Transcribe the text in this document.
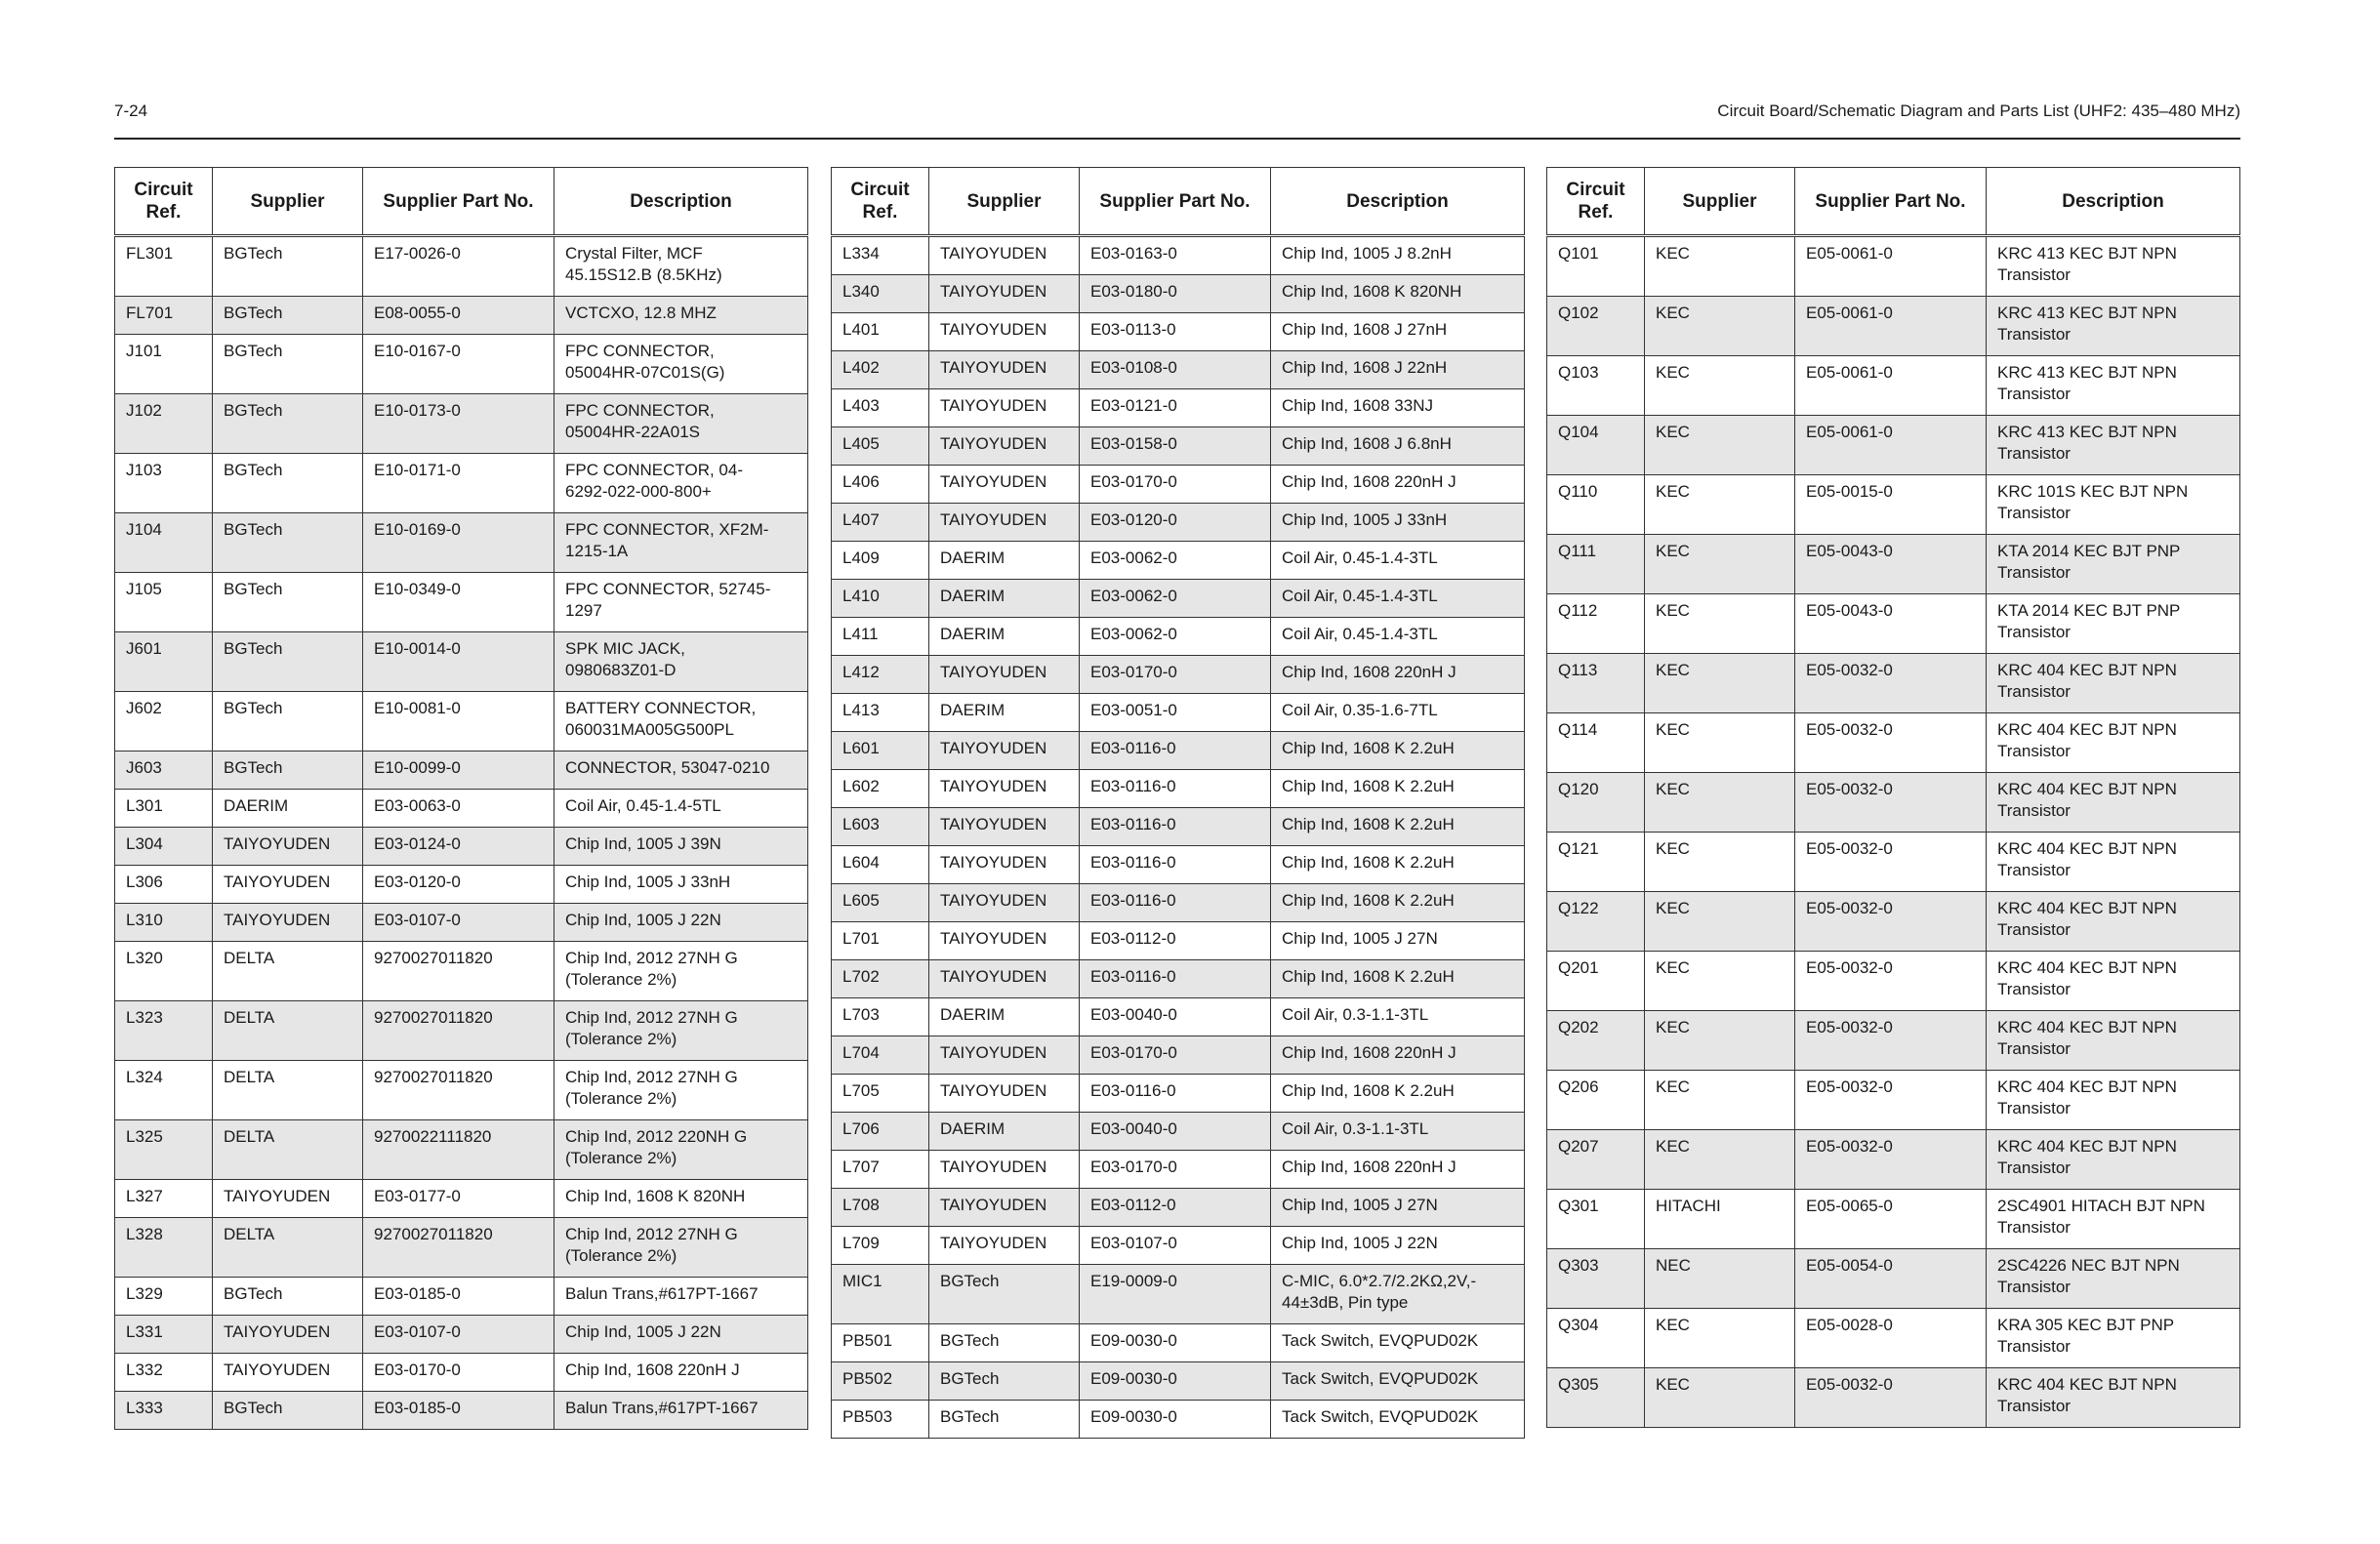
7-24	Circuit Board/Schematic Diagram and Parts List (UHF2: 435–480 MHz)
Circuit
Ref.	Supplier	Supplier Part No.	Description
FL301	BGTech	E17-0026-0	Crystal Filter, MCF
45.15S12.B (8.5KHz)
FL701	BGTech	E08-0055-0	VCTCXO, 12.8 MHZ
J101	BGTech	E10-0167-0	FPC CONNECTOR,
05004HR-07C01S(G)
J102	BGTech	E10-0173-0	FPC CONNECTOR,
05004HR-22A01S
J103	BGTech	E10-0171-0	FPC CONNECTOR, 04-
6292-022-000-800+
J104	BGTech	E10-0169-0	FPC CONNECTOR, XF2M-
1215-1A
J105	BGTech	E10-0349-0	FPC CONNECTOR, 52745-
1297
J601	BGTech	E10-0014-0	SPK MIC JACK,
0980683Z01-D
J602	BGTech	E10-0081-0	BATTERY CONNECTOR,
060031MA005G500PL
J603	BGTech	E10-0099-0	CONNECTOR, 53047-0210
L301	DAERIM	E03-0063-0	Coil Air, 0.45-1.4-5TL
L304	TAIYOYUDEN	E03-0124-0	Chip Ind, 1005 J 39N
L306	TAIYOYUDEN	E03-0120-0	Chip Ind, 1005 J 33nH
L310	TAIYOYUDEN	E03-0107-0	Chip Ind, 1005 J 22N
L320	DELTA	9270027011820	Chip Ind, 2012 27NH G
(Tolerance 2%)
L323	DELTA	9270027011820	Chip Ind, 2012 27NH G
(Tolerance 2%)
L324	DELTA	9270027011820	Chip Ind, 2012 27NH G
(Tolerance 2%)
L325	DELTA	9270022111820	Chip Ind, 2012 220NH G
(Tolerance 2%)
L327	TAIYOYUDEN	E03-0177-0	Chip Ind, 1608 K 820NH
L328	DELTA	9270027011820	Chip Ind, 2012 27NH G
(Tolerance 2%)
L329	BGTech	E03-0185-0	Balun Trans,#617PT-1667
L331	TAIYOYUDEN	E03-0107-0	Chip Ind, 1005 J 22N
L332	TAIYOYUDEN	E03-0170-0	Chip Ind, 1608 220nH J
L333	BGTech	E03-0185-0	Balun Trans,#617PT-1667
Circuit
Ref.	Supplier	Supplier Part No.	Description
L334	TAIYOYUDEN	E03-0163-0	Chip Ind, 1005 J 8.2nH
L340	TAIYOYUDEN	E03-0180-0	Chip Ind, 1608 K 820NH
L401	TAIYOYUDEN	E03-0113-0	Chip Ind, 1608 J 27nH
L402	TAIYOYUDEN	E03-0108-0	Chip Ind, 1608 J 22nH
L403	TAIYOYUDEN	E03-0121-0	Chip Ind, 1608 33NJ
L405	TAIYOYUDEN	E03-0158-0	Chip Ind, 1608 J 6.8nH
L406	TAIYOYUDEN	E03-0170-0	Chip Ind, 1608 220nH J
L407	TAIYOYUDEN	E03-0120-0	Chip Ind, 1005 J 33nH
L409	DAERIM	E03-0062-0	Coil Air, 0.45-1.4-3TL
L410	DAERIM	E03-0062-0	Coil Air, 0.45-1.4-3TL
L411	DAERIM	E03-0062-0	Coil Air, 0.45-1.4-3TL
L412	TAIYOYUDEN	E03-0170-0	Chip Ind, 1608 220nH J
L413	DAERIM	E03-0051-0	Coil Air, 0.35-1.6-7TL
L601	TAIYOYUDEN	E03-0116-0	Chip Ind, 1608 K 2.2uH
L602	TAIYOYUDEN	E03-0116-0	Chip Ind, 1608 K 2.2uH
L603	TAIYOYUDEN	E03-0116-0	Chip Ind, 1608 K 2.2uH
L604	TAIYOYUDEN	E03-0116-0	Chip Ind, 1608 K 2.2uH
L605	TAIYOYUDEN	E03-0116-0	Chip Ind, 1608 K 2.2uH
L701	TAIYOYUDEN	E03-0112-0	Chip Ind, 1005 J 27N
L702	TAIYOYUDEN	E03-0116-0	Chip Ind, 1608 K 2.2uH
L703	DAERIM	E03-0040-0	Coil Air, 0.3-1.1-3TL
L704	TAIYOYUDEN	E03-0170-0	Chip Ind, 1608 220nH J
L705	TAIYOYUDEN	E03-0116-0	Chip Ind, 1608 K 2.2uH
L706	DAERIM	E03-0040-0	Coil Air, 0.3-1.1-3TL
L707	TAIYOYUDEN	E03-0170-0	Chip Ind, 1608 220nH J
L708	TAIYOYUDEN	E03-0112-0	Chip Ind, 1005 J 27N
L709	TAIYOYUDEN	E03-0107-0	Chip Ind, 1005 J 22N
MIC1	BGTech	E19-0009-0	C-MIC, 6.0*2.7/2.2KΩ,2V,-
44±3dB, Pin type
PB501	BGTech	E09-0030-0	Tack Switch, EVQPUD02K
PB502	BGTech	E09-0030-0	Tack Switch, EVQPUD02K
PB503	BGTech	E09-0030-0	Tack Switch, EVQPUD02K
Circuit
Ref.	Supplier	Supplier Part No.	Description
Q101	KEC	E05-0061-0	KRC 413 KEC BJT NPN
Transistor
Q102	KEC	E05-0061-0	KRC 413 KEC BJT NPN
Transistor
Q103	KEC	E05-0061-0	KRC 413 KEC BJT NPN
Transistor
Q104	KEC	E05-0061-0	KRC 413 KEC BJT NPN
Transistor
Q110	KEC	E05-0015-0	KRC 101S KEC BJT NPN
Transistor
Q111	KEC	E05-0043-0	KTA 2014 KEC BJT PNP
Transistor
Q112	KEC	E05-0043-0	KTA 2014 KEC BJT PNP
Transistor
Q113	KEC	E05-0032-0	KRC 404 KEC BJT NPN
Transistor
Q114	KEC	E05-0032-0	KRC 404 KEC BJT NPN
Transistor
Q120	KEC	E05-0032-0	KRC 404 KEC BJT NPN
Transistor
Q121	KEC	E05-0032-0	KRC 404 KEC BJT NPN
Transistor
Q122	KEC	E05-0032-0	KRC 404 KEC BJT NPN
Transistor
Q201	KEC	E05-0032-0	KRC 404 KEC BJT NPN
Transistor
Q202	KEC	E05-0032-0	KRC 404 KEC BJT NPN
Transistor
Q206	KEC	E05-0032-0	KRC 404 KEC BJT NPN
Transistor
Q207	KEC	E05-0032-0	KRC 404 KEC BJT NPN
Transistor
Q301	HITACHI	E05-0065-0	2SC4901 HITACH BJT NPN
Transistor
Q303	NEC	E05-0054-0	2SC4226 NEC BJT NPN
Transistor
Q304	KEC	E05-0028-0	KRA 305 KEC BJT PNP
Transistor
Q305	KEC	E05-0032-0	KRC 404 KEC BJT NPN
Transistor
